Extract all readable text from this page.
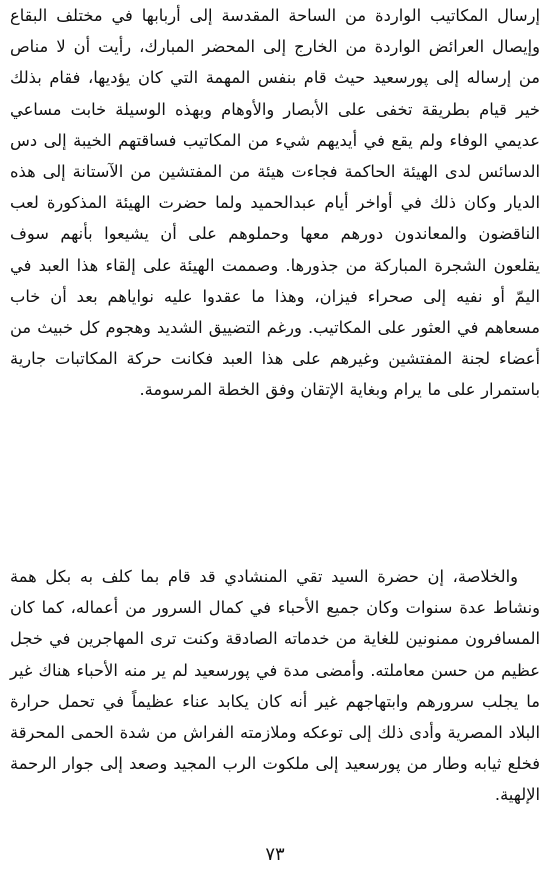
إرسال المكاتيب الواردة من الساحة المقدسة إلى أربابها في مختلف البقاع وإيصال العرائض الواردة من الخارج إلى المحضر المبارك، رأيت أن لا مناص من إرساله إلى پورسعيد حيث قام بنفس المهمة التي كان يؤديها، فقام بذلك خير قيام بطريقة تخفى على الأبصار والأوهام وبهذه الوسيلة خابت مساعي عديمي الوفاء ولم يقع في أيديهم شيء من المكاتيب فساقتهم الخيبة إلى دس الدسائس لدى الهيئة الحاكمة فجاءت هيئة من المفتشين من الآستانة إلى هذه الديار وكان ذلك في أواخر أيام عبدالحميد ولما حضرت الهيئة المذكورة لعب الناقضون والمعاندون دورهم معها وحملوهم على أن يشيعوا بأنهم سوف يقلعون الشجرة المباركة من جذورها. وصممت الهيئة على إلقاء هذا العبد في اليمّ أو نفيه إلى صحراء فيزان، وهذا ما عقدوا عليه نواياهم بعد أن خاب مسعاهم في العثور على المكاتيب. ورغم التضييق الشديد وهجوم كل خبيث من أعضاء لجنة المفتشين وغيرهم على هذا العبد فكانت حركة المكاتبات جارية باستمرار على ما يرام وبغاية الإتقان وفق الخطة المرسومة.

والخلاصة، إن حضرة السيد تقي المنشادي قد قام بما كلف به بكل همة ونشاط عدة سنوات وكان جميع الأحباء في كمال السرور من أعماله، كما كان المسافرون ممنونين للغاية من خدماته الصادقة وكنت ترى المهاجرين في خجل عظيم من حسن معاملته. وأمضى مدة في پورسعيد لم ير منه الأحباء هناك غير ما يجلب سرورهم وابتهاجهم غير أنه كان يكابد عناء عظيماً في تحمل حرارة البلاد المصرية وأدى ذلك إلى توعكه وملازمته الفراش من شدة الحمى المحرقة فخلع ثيابه وطار من پورسعيد إلى ملكوت الرب المجيد وصعد إلى جوار الرحمة الإلهية.

٧٣
